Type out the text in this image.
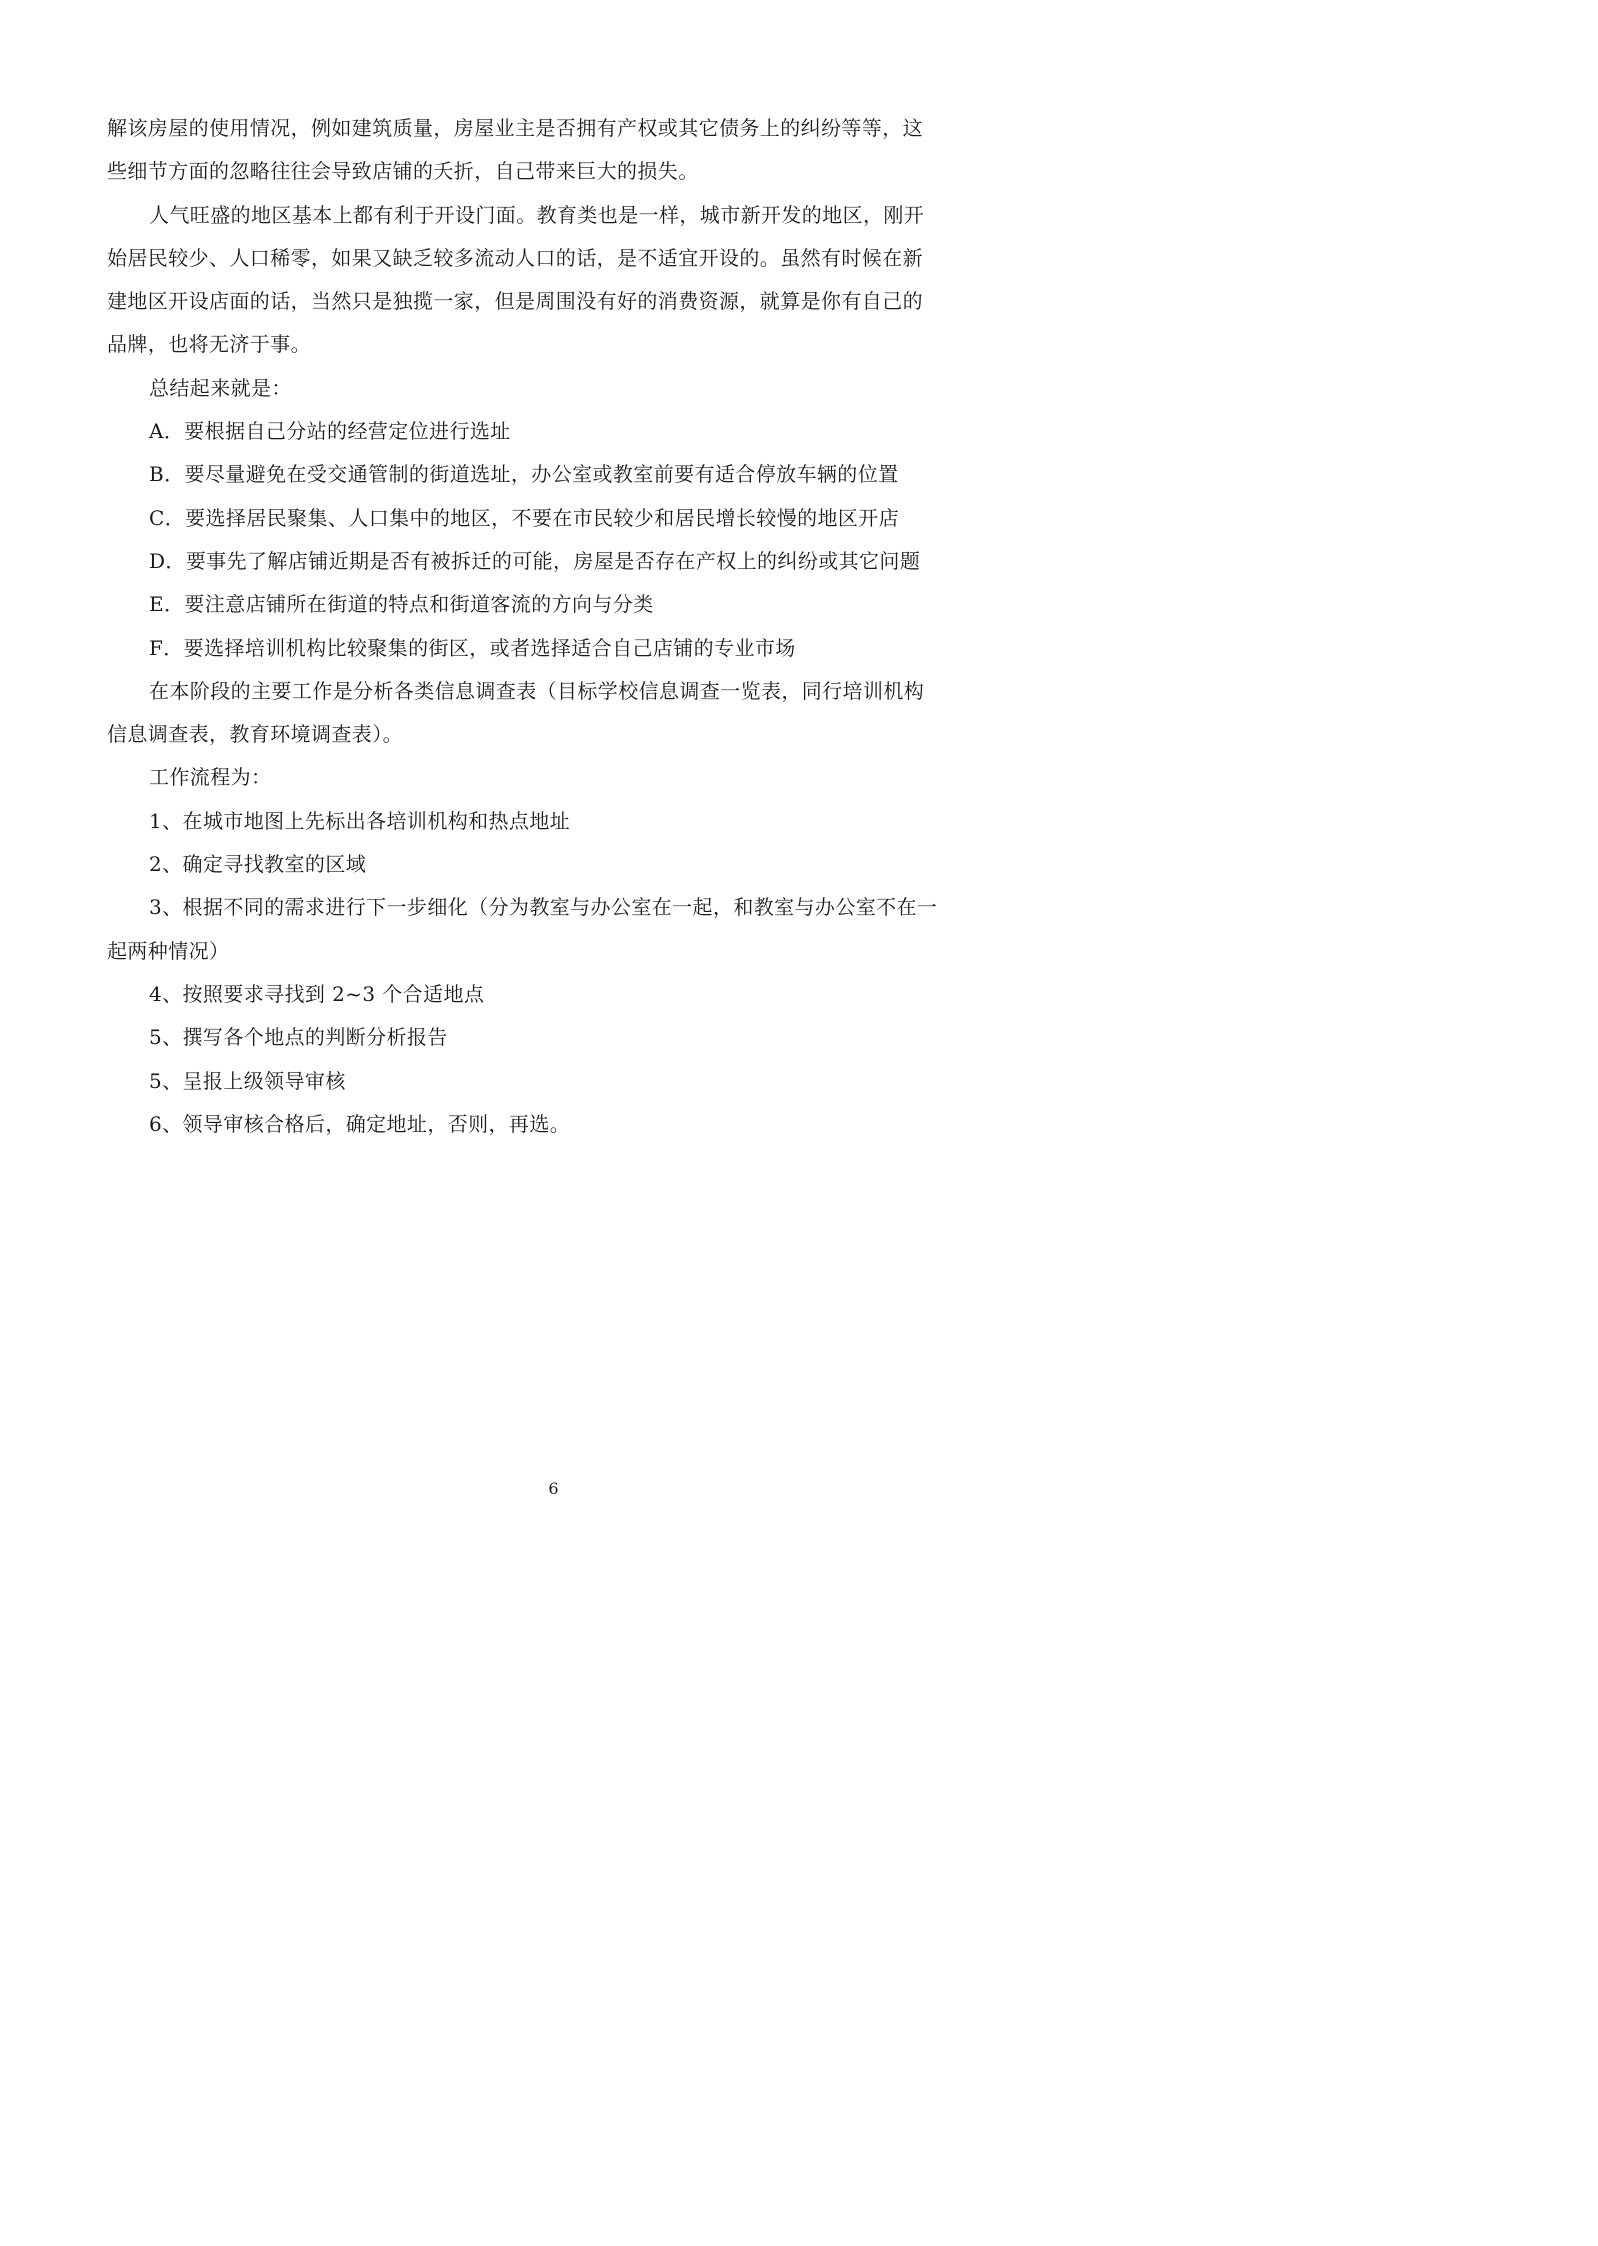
解该房屋的使用情况，例如建筑质量，房屋业主是否拥有产权或其它债务上的纠纷等等，这
些细节方面的忽略往往会导致店铺的夭折，自己带来巨大的损失。
人气旺盛的地区基本上都有利于开设门面。教育类也是一样，城市新开发的地区，刚开
始居民较少、人口稀零，如果又缺乏较多流动人口的话，是不适宜开设的。虽然有时候在新
建地区开设店面的话，当然只是独揽一家，但是周围没有好的消费资源，就算是你有自己的
品牌，也将无济于事。
总结起来就是：
A．要根据自己分站的经营定位进行选址
B．要尽量避免在受交通管制的街道选址，办公室或教室前要有适合停放车辆的位置
C．要选择居民聚集、人口集中的地区，不要在市民较少和居民增长较慢的地区开店
D．要事先了解店铺近期是否有被拆迁的可能，房屋是否存在产权上的纠纷或其它问题
E．要注意店铺所在街道的特点和街道客流的方向与分类
F．要选择培训机构比较聚集的街区，或者选择适合自己店铺的专业市场
在本阶段的主要工作是分析各类信息调查表（目标学校信息调查一览表，同行培训机构
信息调查表，教育环境调查表）。
工作流程为：
1、在城市地图上先标出各培训机构和热点地址
2、确定寻找教室的区域
3、根据不同的需求进行下一步细化（分为教室与办公室在一起，和教室与办公室不在一
起两种情况）
4、按照要求寻找到 2~3 个合适地点
5、撰写各个地点的判断分析报告
5、呈报上级领导审核
6、领导审核合格后，确定地址，否则，再选。
6
